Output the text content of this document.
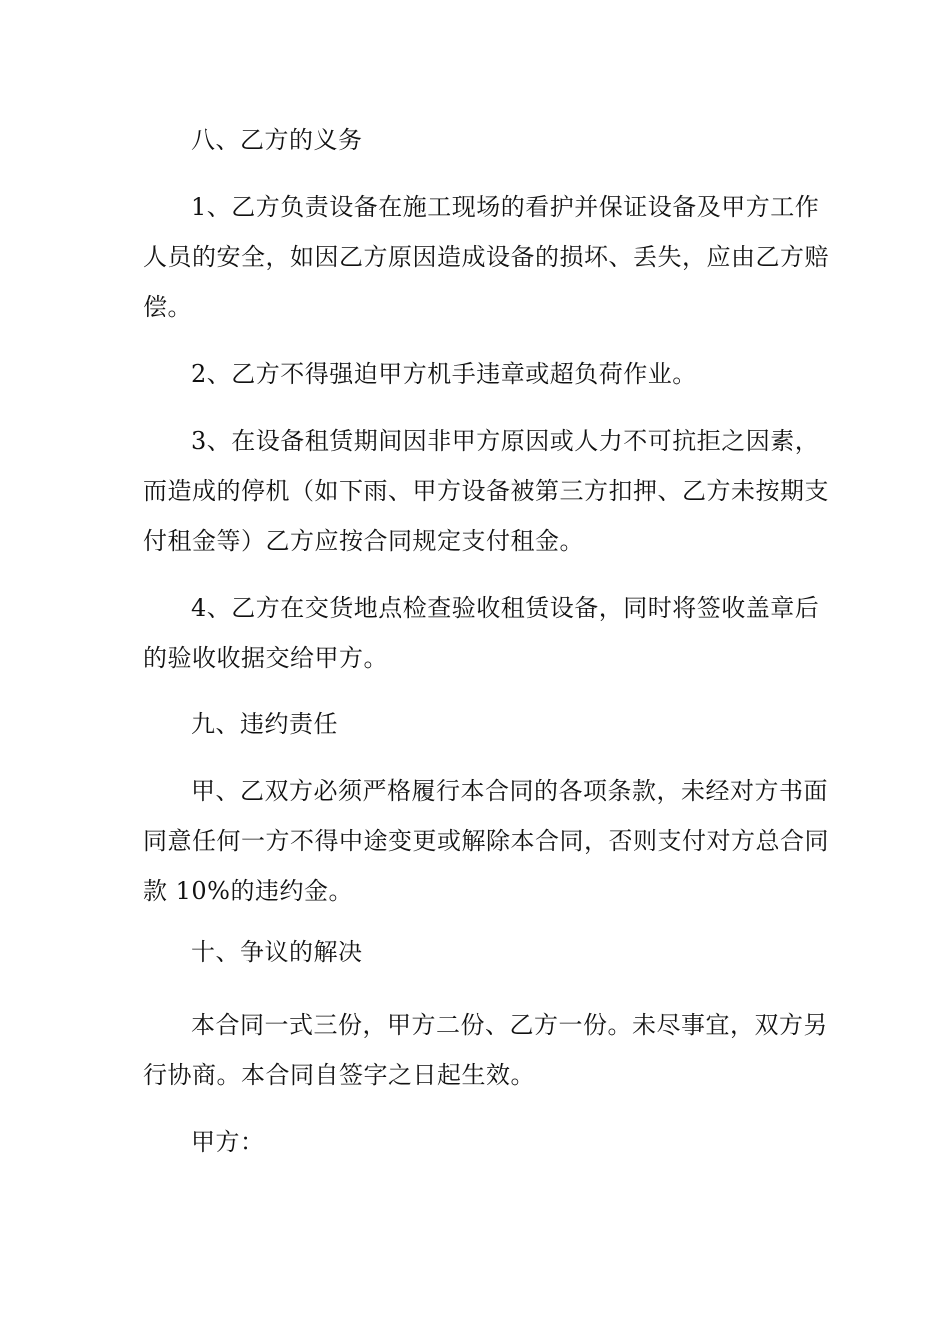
八、乙方的义务
1、乙方负责设备在施工现场的看护并保证设备及甲方工作
人员的安全，如因乙方原因造成设备的损坏、丢失，应由乙方赔
偿。
2、乙方不得强迫甲方机手违章或超负荷作业。
3、在设备租赁期间因非甲方原因或人力不可抗拒之因素，
而造成的停机（如下雨、甲方设备被第三方扣押、乙方未按期支
付租金等）乙方应按合同规定支付租金。
4、乙方在交货地点检查验收租赁设备，同时将签收盖章后
的验收收据交给甲方。
九、违约责任
甲、乙双方必须严格履行本合同的各项条款，未经对方书面
同意任何一方不得中途变更或解除本合同，否则支付对方总合同
款 10%的违约金。
十、争议的解决
本合同一式三份，甲方二份、乙方一份。未尽事宜，双方另
行协商。本合同自签字之日起生效。
甲方：
